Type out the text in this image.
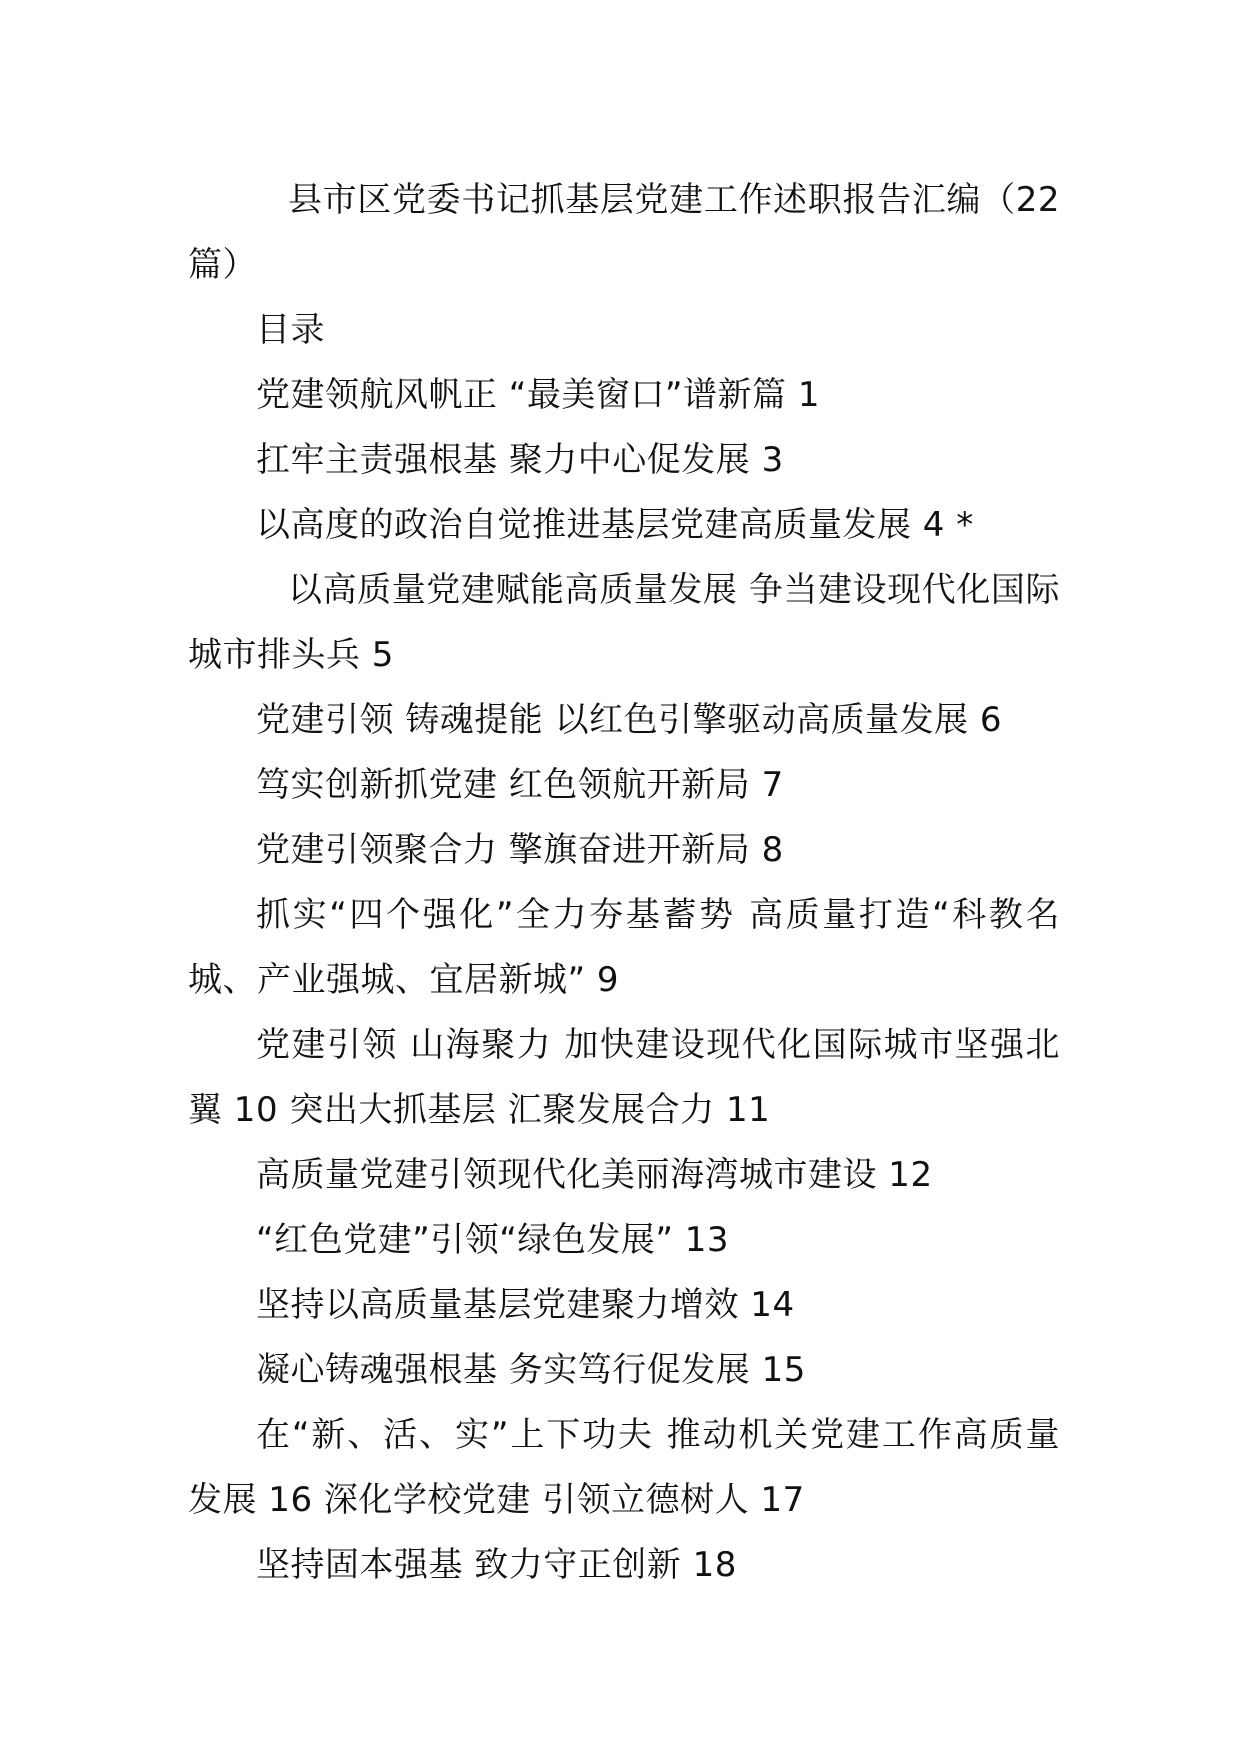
县市区党委书记抓基层党建工作述职报告汇编（22篇）

目录

党建领航风帆正 “最美窗口”谱新篇 1

扛牢主责强根基 聚力中心促发展 3

以高度的政治自觉推进基层党建高质量发展 4 *

以高质量党建赋能高质量发展 争当建设现代化国际城市排头兵 5

党建引领 铸魂提能 以红色引擎驱动高质量发展 6

笃实创新抓党建 红色领航开新局 7

党建引领聚合力 擎旗奋进开新局 8

抓实“四个强化”全力夯基蓄势 高质量打造“科教名城、产业强城、宜居新城” 9

党建引领 山海聚力 加快建设现代化国际城市坚强北翼 10 突出大抓基层 汇聚发展合力 11

高质量党建引领现代化美丽海湾城市建设 12

“红色党建”引领“绿色发展” 13

坚持以高质量基层党建聚力增效 14

凝心铸魂强根基 务实笃行促发展 15

在“新、活、实”上下功夫 推动机关党建工作高质量发展 16 深化学校党建 引领立德树人 17

坚持固本强基 致力守正创新 18
